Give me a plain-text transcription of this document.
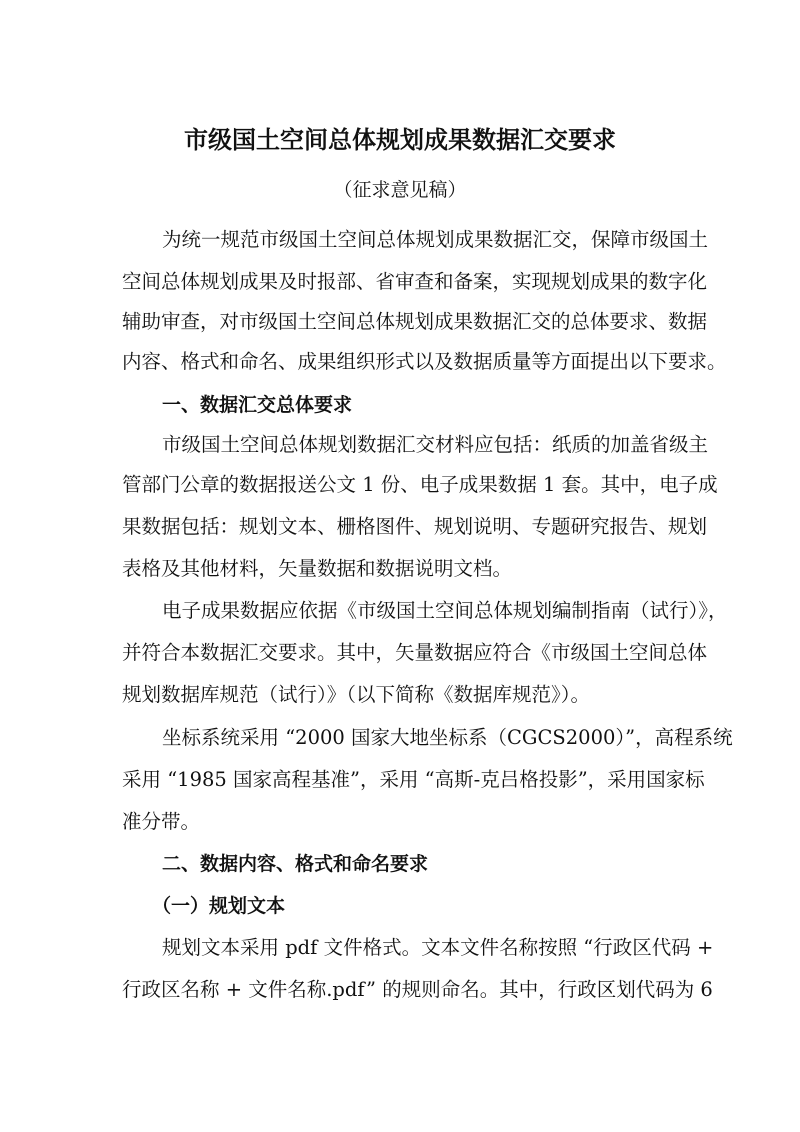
市级国土空间总体规划成果数据汇交要求
（征求意见稿）
为统一规范市级国土空间总体规划成果数据汇交，保障市级国土
空间总体规划成果及时报部、省审查和备案，实现规划成果的数字化
辅助审查，对市级国土空间总体规划成果数据汇交的总体要求、数据
内容、格式和命名、成果组织形式以及数据质量等方面提出以下要求。
一、数据汇交总体要求
市级国土空间总体规划数据汇交材料应包括：纸质的加盖省级主
管部门公章的数据报送公文 1 份、电子成果数据 1 套。其中，电子成
果数据包括：规划文本、栅格图件、规划说明、专题研究报告、规划
表格及其他材料，矢量数据和数据说明文档。
电子成果数据应依据《市级国土空间总体规划编制指南（试行）》，
并符合本数据汇交要求。其中，矢量数据应符合《市级国土空间总体
规划数据库规范（试行）》（以下简称《数据库规范》）。
坐标系统采用 “2000 国家大地坐标系（CGCS2000）”，高程系统
采用 “1985 国家高程基准”，采用 “高斯-克吕格投影”，采用国家标
准分带。
二、数据内容、格式和命名要求
（一）规划文本
规划文本采用 pdf 文件格式。文本文件名称按照 “行政区代码 +
行政区名称 + 文件名称.pdf” 的规则命名。其中，行政区划代码为 6
